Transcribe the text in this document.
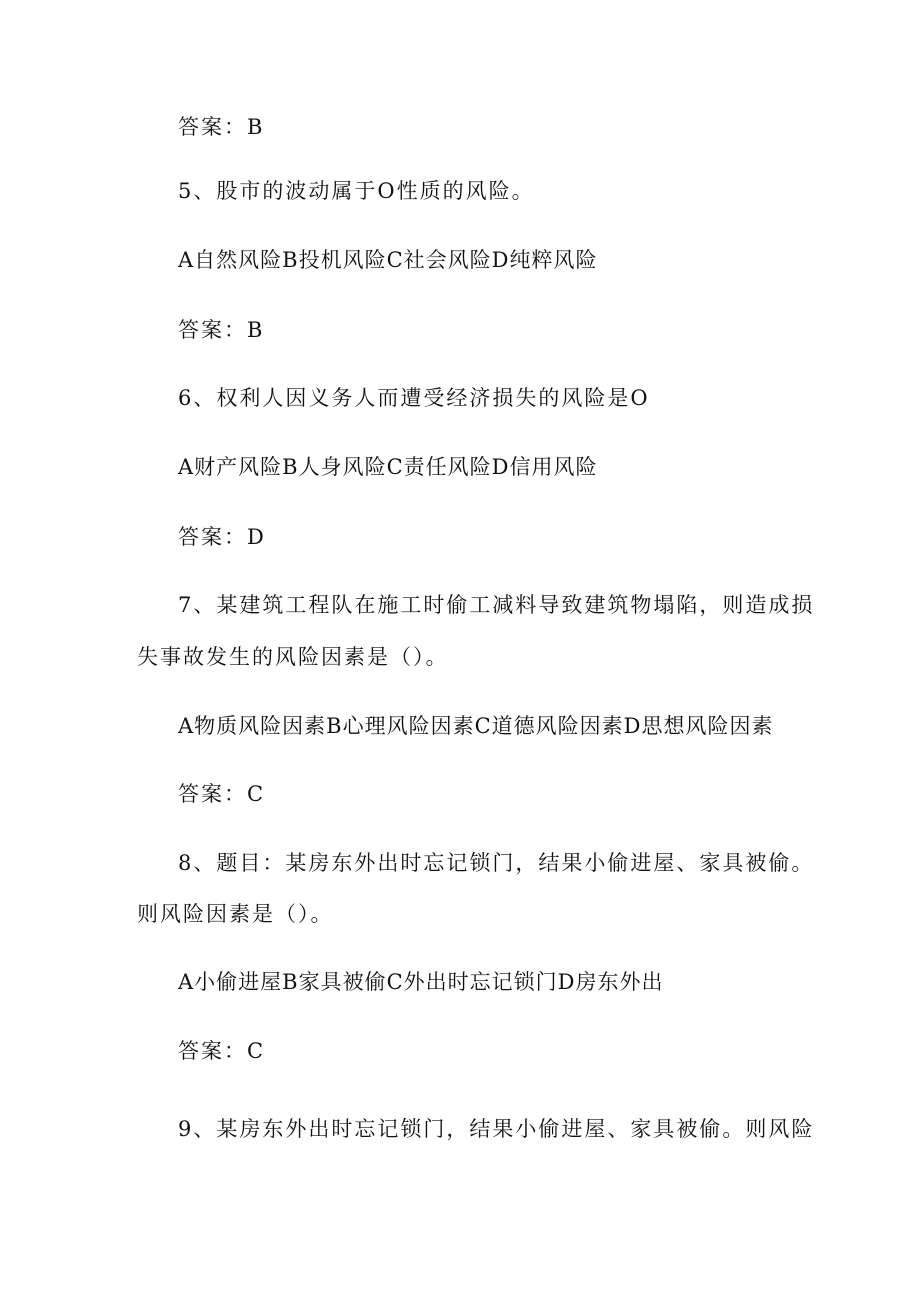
答案：B
5、股市的波动属于O性质的风险。
A自然风险B投机风险C社会风险D纯粹风险
答案：B
6、权利人因义务人而遭受经济损失的风险是O
A财产风险B人身风险C责任风险D信用风险
答案：D
7、某建筑工程队在施工时偷工减料导致建筑物塌陷，则造成损
失事故发生的风险因素是（）。
A物质风险因素B心理风险因素C道德风险因素D思想风险因素
答案：C
8、题目：某房东外出时忘记锁门，结果小偷进屋、家具被偷。
则风险因素是（）。
A小偷进屋B家具被偷C外出时忘记锁门D房东外出
答案：C
9、某房东外出时忘记锁门，结果小偷进屋、家具被偷。则风险
